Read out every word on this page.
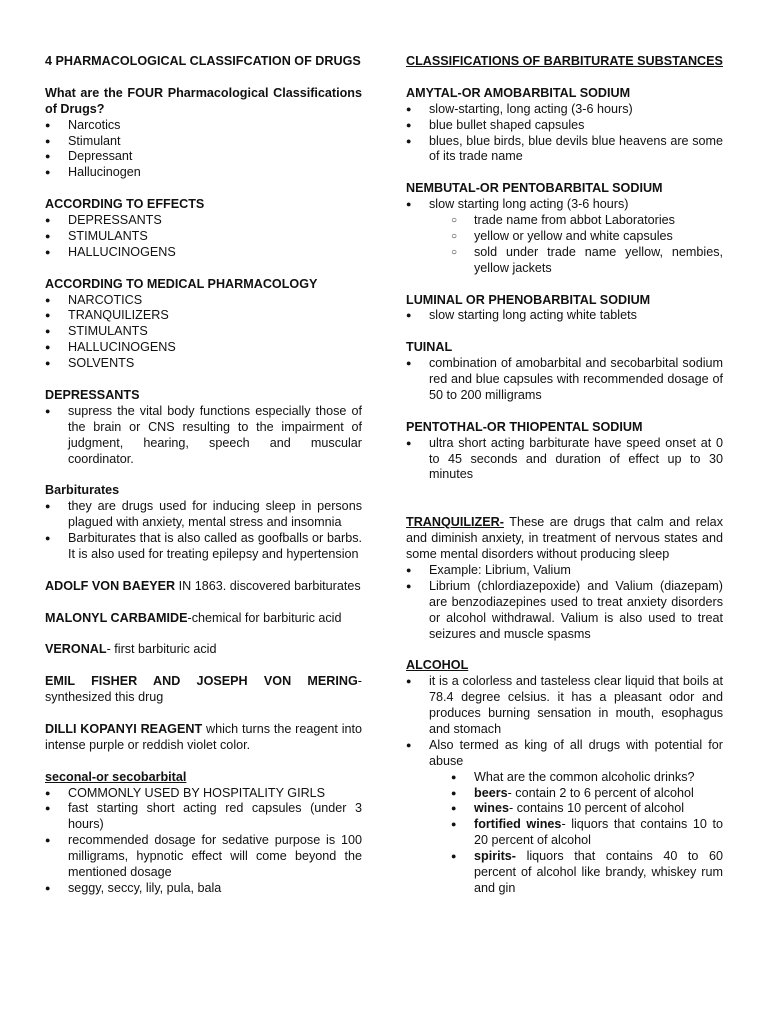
4 PHARMACOLOGICAL CLASSIFCATION OF DRUGS
What are the FOUR Pharmacological Classifications of Drugs?
● Narcotics
● Stimulant
● Depressant
● Hallucinogen
ACCORDING TO EFFECTS
● DEPRESSANTS
● STIMULANTS
● HALLUCINOGENS
ACCORDING TO MEDICAL PHARMACOLOGY
● NARCOTICS
● TRANQUILIZERS
● STIMULANTS
● HALLUCINOGENS
● SOLVENTS
DEPRESSANTS
● supress the vital body functions especially those of the brain or CNS resulting to the impairment of judgment, hearing, speech and muscular coordinator.
Barbiturates
● they are drugs used for inducing sleep in persons plagued with anxiety, mental stress and insomnia
● Barbiturates that is also called as goofballs or barbs. It is also used for treating epilepsy and hypertension
ADOLF VON BAEYER IN 1863. discovered barbiturates
MALONYL CARBAMIDE-chemical for barbituric acid
VERONAL- first barbituric acid
EMIL FISHER AND JOSEPH VON MERING-synthesized this drug
DILLI KOPANYI REAGENT which turns the reagent into intense purple or reddish violet color.
seconal-or secobarbital
● COMMONLY USED BY HOSPITALITY GIRLS
● fast starting short acting red capsules (under 3 hours)
● recommended dosage for sedative purpose is 100 milligrams, hypnotic effect will come beyond the mentioned dosage
● seggy, seccy, lily, pula, bala
CLASSIFICATIONS OF BARBITURATE SUBSTANCES
AMYTAL-OR AMOBARBITAL SODIUM
● slow-starting, long acting (3-6 hours)
● blue bullet shaped capsules
● blues, blue birds, blue devils blue heavens are some of its trade name
NEMBUTAL-OR PENTOBARBITAL SODIUM
● slow starting long acting (3-6 hours)
○ trade name from abbot Laboratories
○ yellow or yellow and white capsules
○ sold under trade name yellow, nembies, yellow jackets
LUMINAL OR PHENOBARBITAL SODIUM
● slow starting long acting white tablets
TUINAL
● combination of amobarbital and secobarbital sodium red and blue capsules with recommended dosage of 50 to 200 milligrams
PENTOTHAL-OR THIOPENTAL SODIUM
● ultra short acting barbiturate have speed onset at 0 to 45 seconds and duration of effect up to 30 minutes
TRANQUILIZER- These are drugs that calm and relax and diminish anxiety, in treatment of nervous states and some mental disorders without producing sleep
● Example: Librium, Valium
● Librium (chlordiazepoxide) and Valium (diazepam) are benzodiazepines used to treat anxiety disorders or alcohol withdrawal. Valium is also used to treat seizures and muscle spasms
ALCOHOL
● it is a colorless and tasteless clear liquid that boils at 78.4 degree celsius. it has a pleasant odor and produces burning sensation in mouth, esophagus and stomach
● Also termed as king of all drugs with potential for abuse
● What are the common alcoholic drinks?
● beers- contain 2 to 6 percent of alcohol
● wines- contains 10 percent of alcohol
● fortified wines- liquors that contains 10 to 20 percent of alcohol
● spirits- liquors that contains 40 to 60 percent of alcohol like brandy, whiskey rum and gin
